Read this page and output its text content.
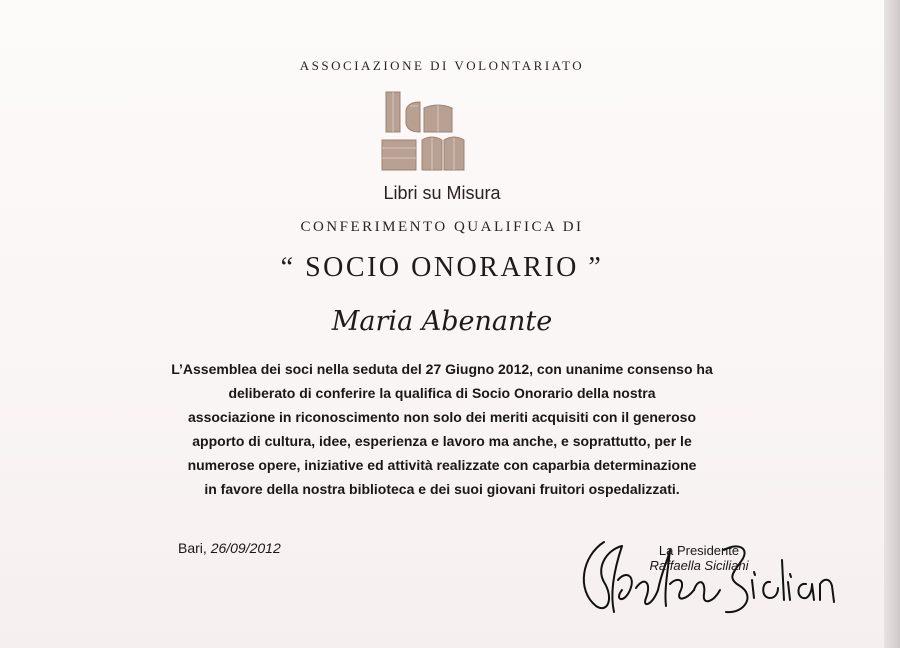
ASSOCIAZIONE DI VOLONTARIATO
Libri su Misura
CONFERIMENTO QUALIFICA DI
“ SOCIO ONORARIO ”
Maria Abenante
L’Assemblea dei soci nella seduta del 27 Giugno 2012, con unanime consenso ha
deliberato di conferire la qualifica di Socio Onorario della nostra
associazione in riconoscimento non solo dei meriti acquisiti con il generoso
apporto di cultura, idee, esperienza e lavoro ma anche, e soprattutto, per le
numerose opere, iniziative ed attività realizzate con caparbia determinazione
in favore della nostra biblioteca e dei suoi giovani fruitori ospedalizzati.
Bari, 26/09/2012	La Presidente
Raffaella Siciliani
